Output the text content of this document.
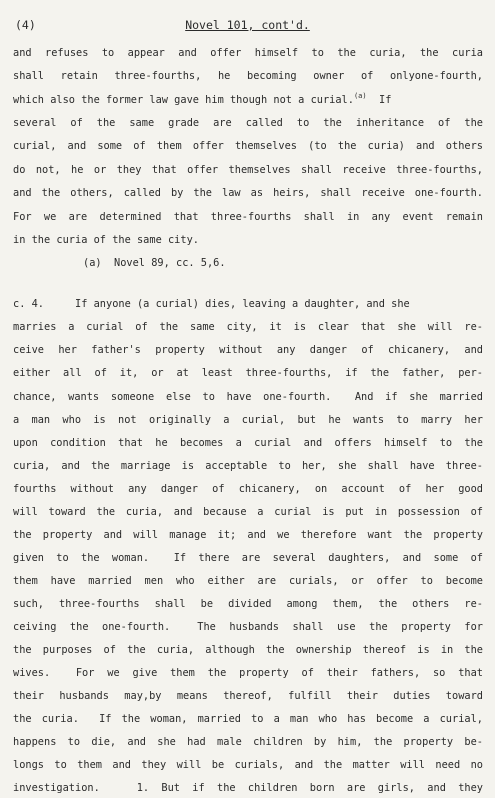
(4)	Novel 101, cont'd.
and refuses to appear and offer himself to the curia, the curia
shall retain three-fourths, he becoming owner of onlyone-fourth,
which also the former law gave him though not a curial.$^{(a)}$ If
several of the same grade are called to the inheritance of the
curial, and some of them offer themselves (to the curia) and others
do not, he or they that offer themselves shall receive three-fourths,
and the others, called by the law as heirs, shall receive one-fourth.
For we are determined that three-fourths shall in any event remain
in the curia of the same city.
(a)  Novel 89, cc. 5,6.
c. 4.     If anyone (a curial) dies, leaving a daughter, and she
marries a curial of the same city, it is clear that she will re-
ceive her father's property without any danger of chicanery, and
either all of it, or at least three-fourths, if the father, per-
chance, wants someone else to have one-fourth.  And if she married
a man who is not originally a curial, but he wants to marry her
upon condition that he becomes a curial and offers himself to the
curia, and the marriage is acceptable to her, she shall have three-
fourths without any danger of chicanery, on account of her good
will toward the curia, and because a curial is put in possession of
the property and will manage it; and we therefore want the property
given to the woman.  If there are several daughters, and some of
them have married men who either are curials, or offer to become
such, three-fourths shall be divided among them, the others re-
ceiving the one-fourth.  The husbands shall use the property for
the purposes of the curia, although the ownership thereof is in the
wives.  For we give them the property of their fathers, so that
their husbands may,by means thereof, fulfill their duties toward
the curia.  If the woman, married to a man who has become a curial,
happens to die, and she had male children by him, the property be-
longs to them and they will be curials, and the matter will need no
investigation.   1. But if the children born are girls, and they
